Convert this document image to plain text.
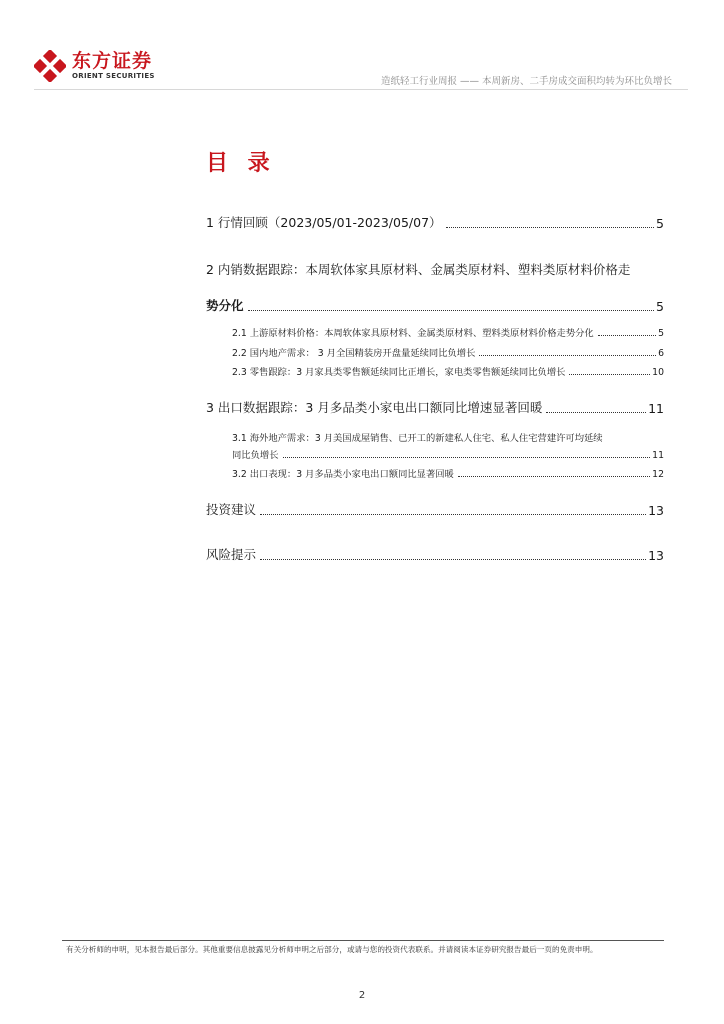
东方证券
ORIENT SECURITIES	造纸轻工行业周报 —— 本周新房、二手房成交面积均转为环比负增长
目 录
1 行情回顾（2023/05/01-2023/05/07）	5
2 内销数据跟踪：本周软体家具原材料、金属类原材料、塑料类原材料价格走
势分化	5
2.1 上游原材料价格：本周软体家具原材料、金属类原材料、塑料类原材料价格走势分化	5
2.2 国内地产需求： 3 月全国精装房开盘量延续同比负增长	6
2.3 零售跟踪：3 月家具类零售额延续同比正增长，家电类零售额延续同比负增长	10
3 出口数据跟踪：3 月多品类小家电出口额同比增速显著回暖	11
3.1 海外地产需求：3 月美国成屋销售、已开工的新建私人住宅、私人住宅营建许可均延续
同比负增长	11
3.2 出口表现：3 月多品类小家电出口额同比显著回暖	12
投资建议	13
风险提示	13
有关分析师的申明，见本报告最后部分。其他重要信息披露见分析师申明之后部分，或请与您的投资代表联系。并请阅读本证券研究报告最后一页的免责申明。
2
